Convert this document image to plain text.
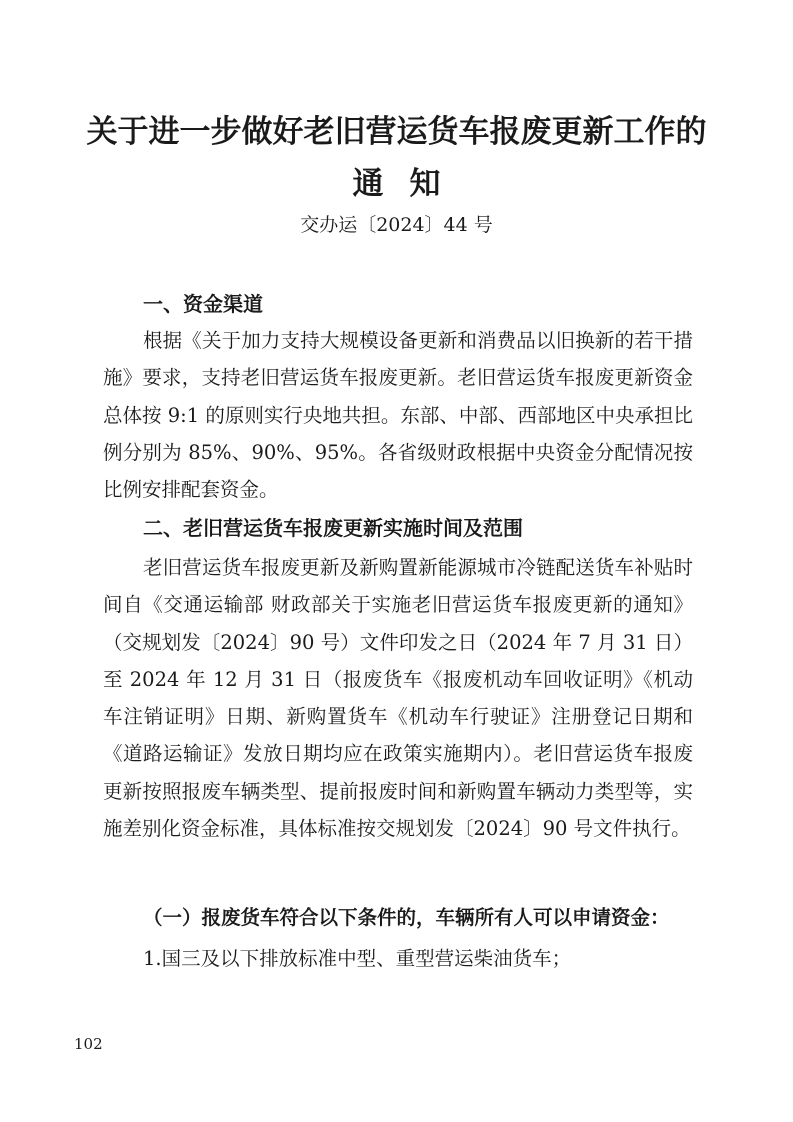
关于进一步做好老旧营运货车报废更新工作的
通知

交办运〔2024〕44 号

一、资金渠道

根据《关于加力支持大规模设备更新和消费品以旧换新的若干措施》要求，支持老旧营运货车报废更新。老旧营运货车报废更新资金总体按 9:1 的原则实行央地共担。东部、中部、西部地区中央承担比例分别为 85%、90%、95%。各省级财政根据中央资金分配情况按比例安排配套资金。

二、老旧营运货车报废更新实施时间及范围

老旧营运货车报废更新及新购置新能源城市冷链配送货车补贴时间自《交通运输部 财政部关于实施老旧营运货车报废更新的通知》（交规划发〔2024〕90 号）文件印发之日（2024 年 7 月 31 日）至 2024 年 12 月 31 日（报废货车《报废机动车回收证明》《机动车注销证明》日期、新购置货车《机动车行驶证》注册登记日期和《道路运输证》发放日期均应在政策实施期内）。老旧营运货车报废更新按照报废车辆类型、提前报废时间和新购置车辆动力类型等，实施差别化资金标准，具体标准按交规划发〔2024〕90 号文件执行。

（一）报废货车符合以下条件的，车辆所有人可以申请资金：

1.国三及以下排放标准中型、重型营运柴油货车；

102
